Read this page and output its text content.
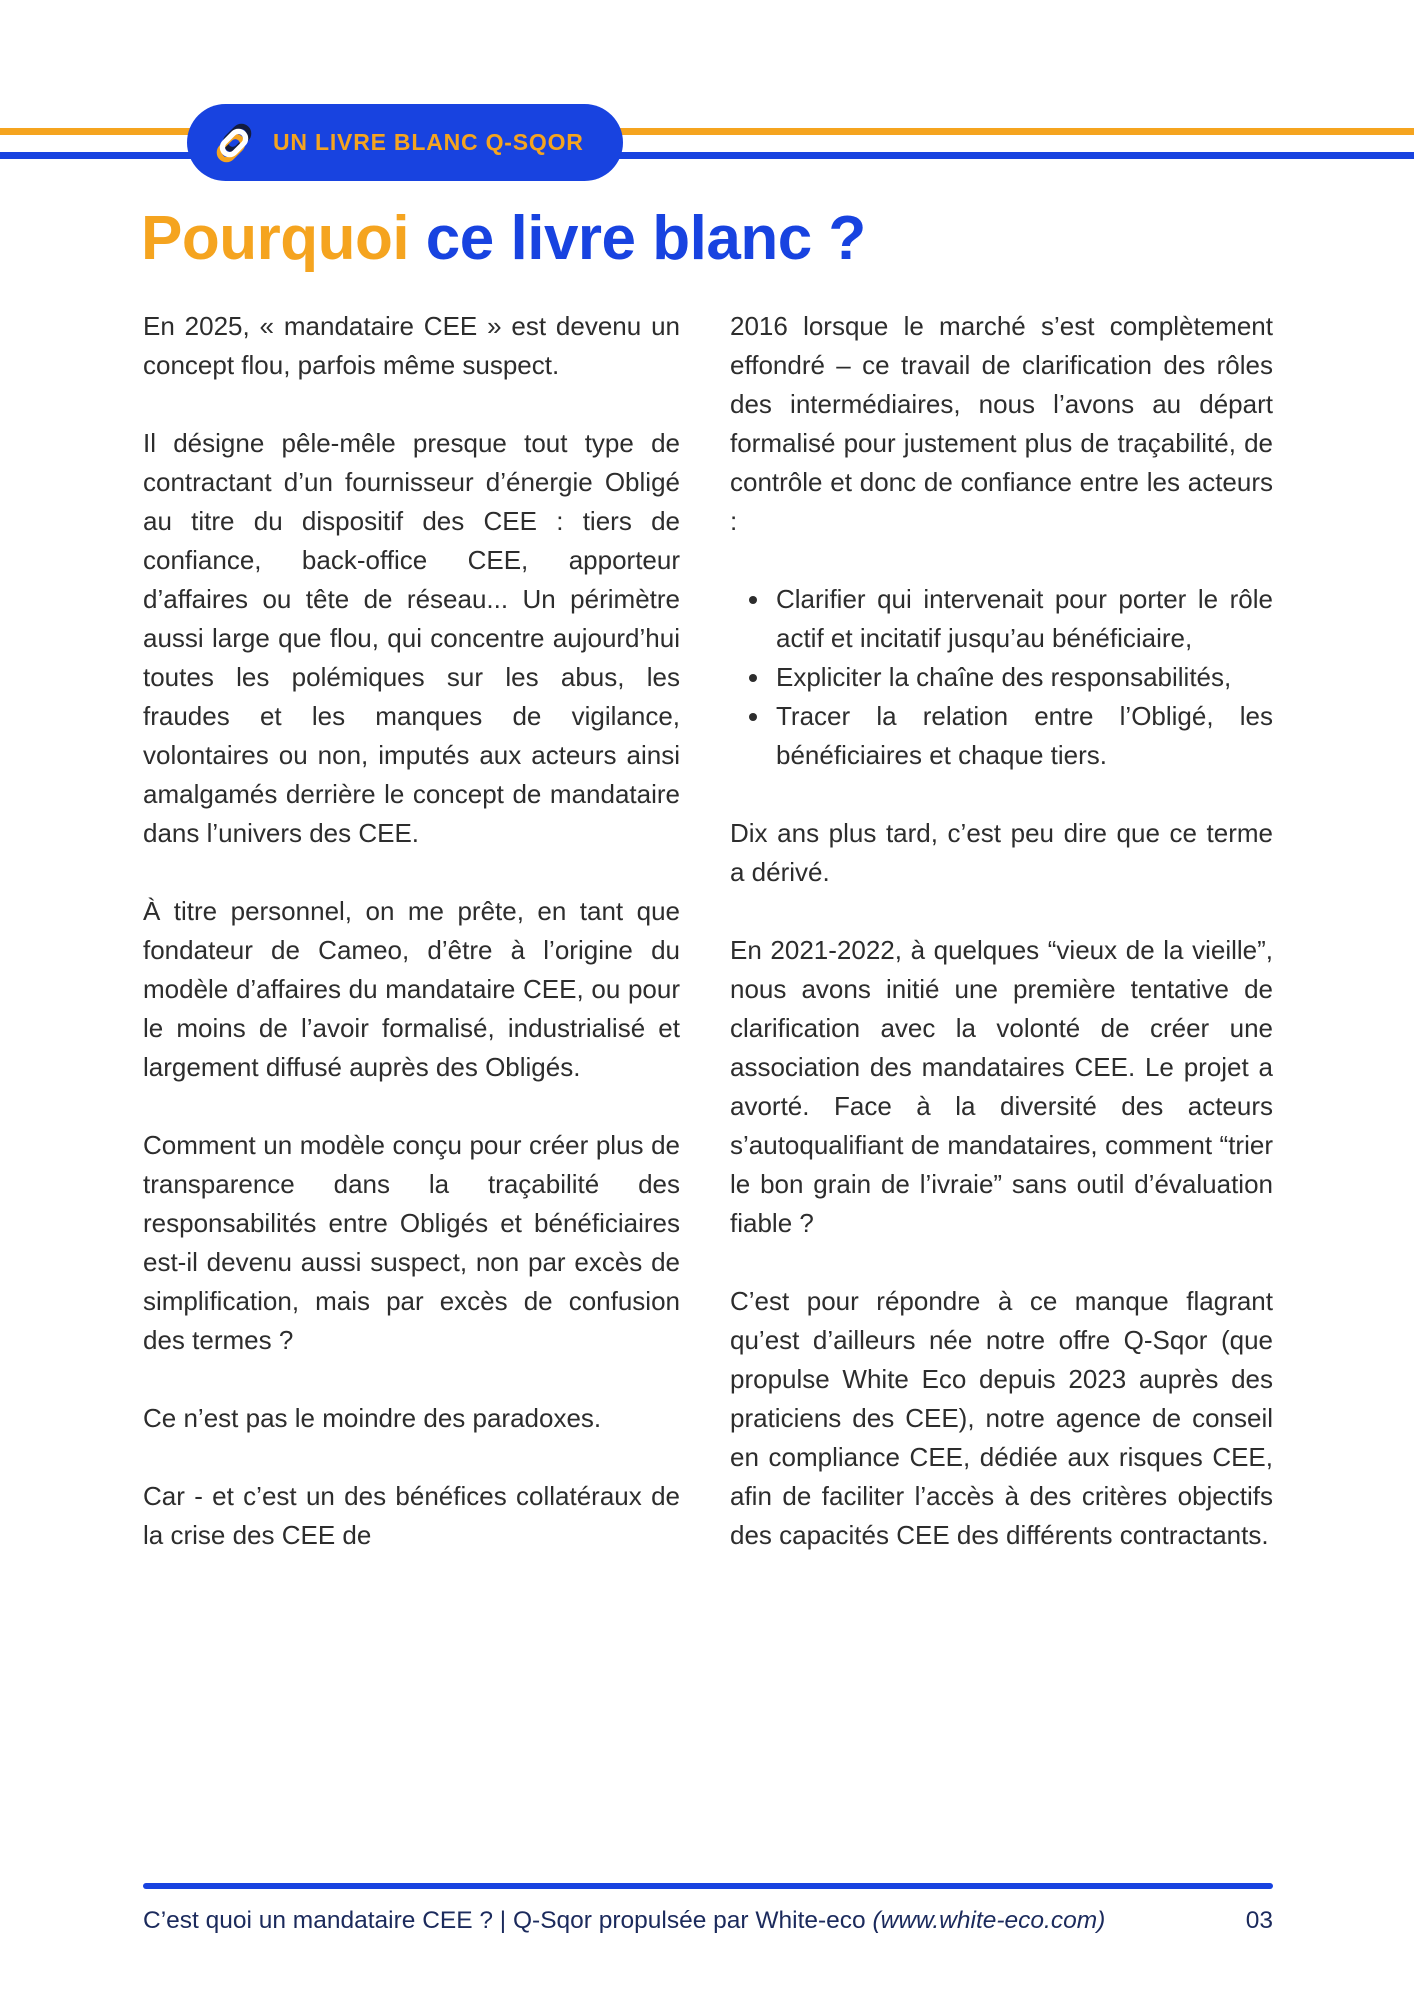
UN LIVRE BLANC Q-SQOR
Pourquoi ce livre blanc ?

En 2025, « mandataire CEE » est devenu un concept flou, parfois même suspect.

Il désigne pêle-mêle presque tout type de contractant d’un fournisseur d’énergie Obligé au titre du dispositif des CEE : tiers de confiance, back-office CEE, apporteur d’affaires ou tête de réseau... Un périmètre aussi large que flou, qui concentre aujourd’hui toutes les polémiques sur les abus, les fraudes et les manques de vigilance, volontaires ou non, imputés aux acteurs ainsi amalgamés derrière le concept de mandataire dans l’univers des CEE.

À titre personnel, on me prête, en tant que fondateur de Cameo, d’être à l’origine du modèle d’affaires du mandataire CEE, ou pour le moins de l’avoir formalisé, industrialisé et largement diffusé auprès des Obligés.

Comment un modèle conçu pour créer plus de transparence dans la traçabilité des responsabilités entre Obligés et bénéficiaires est-il devenu aussi suspect, non par excès de simplification, mais par excès de confusion des termes ?

Ce n’est pas le moindre des paradoxes.

Car - et c’est un des bénéfices collatéraux de la crise des CEE de

2016 lorsque le marché s’est complètement effondré – ce travail de clarification des rôles des intermédiaires, nous l’avons au départ formalisé pour justement plus de traçabilité, de contrôle et donc de confiance entre les acteurs :

• Clarifier qui intervenait pour porter le rôle actif et incitatif jusqu’au bénéficiaire,
• Expliciter la chaîne des responsabilités,
• Tracer la relation entre l’Obligé, les bénéficiaires et chaque tiers.

Dix ans plus tard, c’est peu dire que ce terme a dérivé.

En 2021-2022, à quelques “vieux de la vieille”, nous avons initié une première tentative de clarification avec la volonté de créer une association des mandataires CEE. Le projet a avorté. Face à la diversité des acteurs s’autoqualifiant de mandataires, comment “trier le bon grain de l’ivraie” sans outil d’évaluation fiable ?

C’est pour répondre à ce manque flagrant qu’est d’ailleurs née notre offre Q-Sqor (que propulse White Eco depuis 2023 auprès des praticiens des CEE), notre agence de conseil en compliance CEE, dédiée aux risques CEE, afin de faciliter l’accès à des critères objectifs des capacités CEE des différents contractants.

C’est quoi un mandataire CEE ? | Q-Sqor propulsée par White-eco (www.white-eco.com)	03
